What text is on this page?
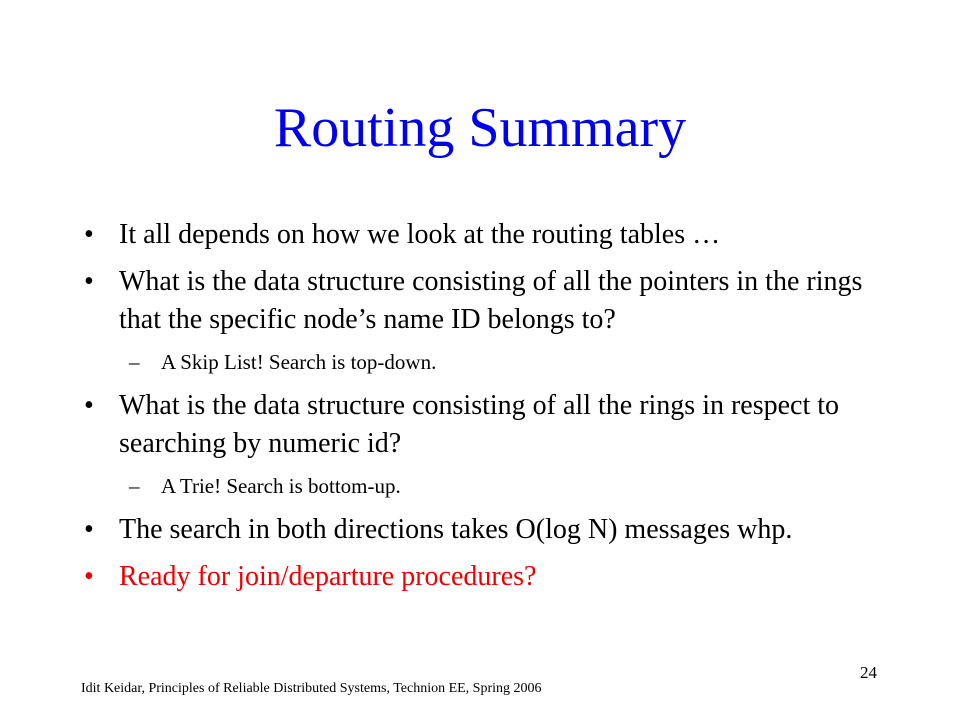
Routing Summary
• It all depends on how we look at the routing tables …
• What is the data structure consisting of all the pointers in the rings that the specific node’s name ID belongs to?
– A Skip List! Search is top-down.
• What is the data structure consisting of all the rings in respect to searching by numeric id?
– A Trie! Search is bottom-up.
• The search in both directions takes O(log N) messages whp.
• Ready for join/departure procedures?
24
Idit Keidar, Principles of Reliable Distributed Systems, Technion EE, Spring 2006
